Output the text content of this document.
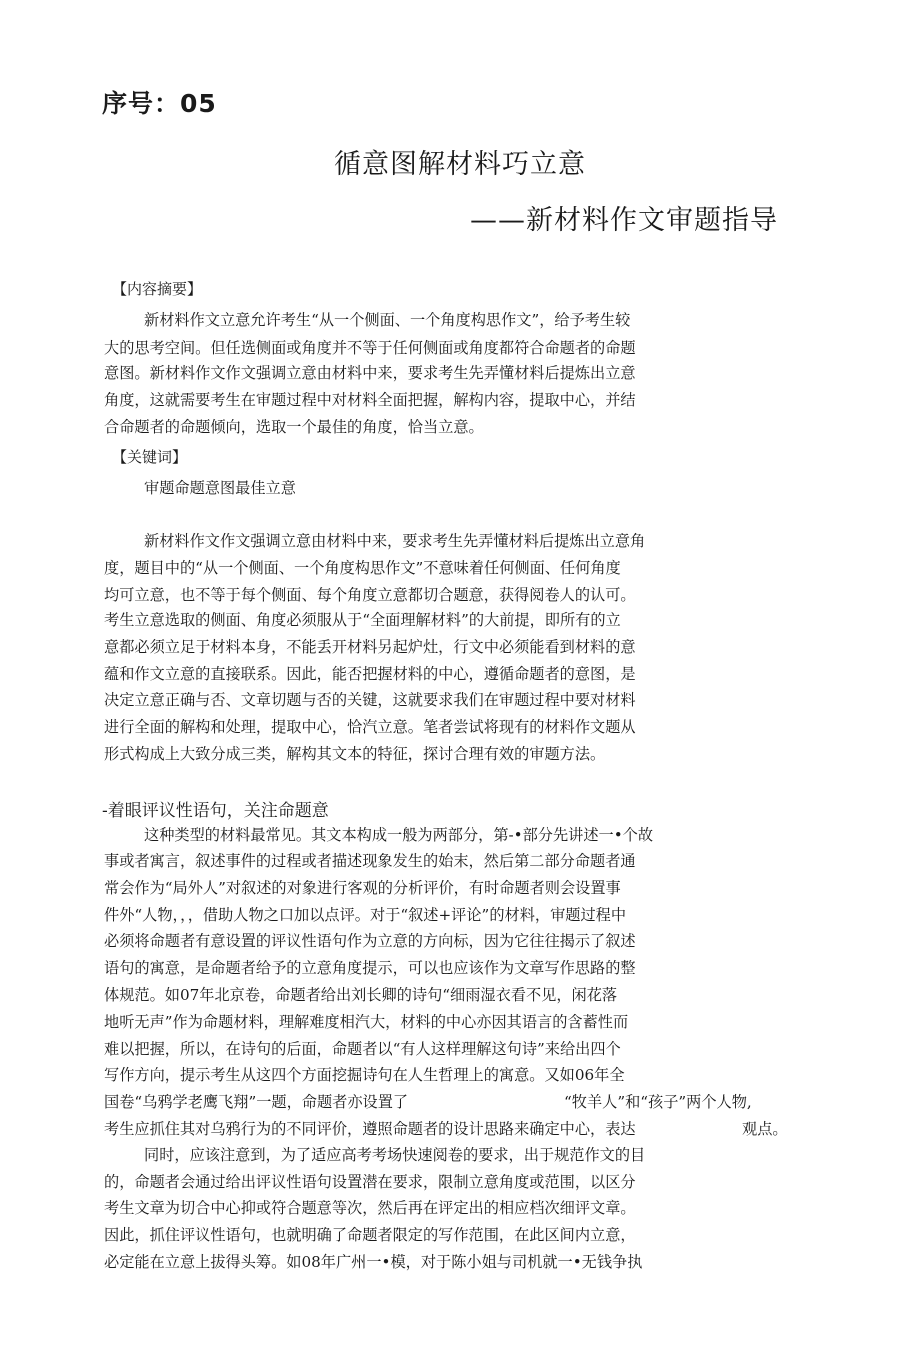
序号：05
循意图解材料巧立意
——新材料作文审题指导
【内容摘要】
新材料作文立意允许考生“从一个侧面、一个角度构思作文”，给予考生较
大的思考空间。但任选侧面或角度并不等于任何侧面或角度都符合命题者的命题
意图。新材料作文作文强调立意由材料中来，要求考生先弄懂材料后提炼出立意
角度，这就需要考生在审题过程中对材料全面把握，解构内容，提取中心，并结
合命题者的命题倾向，选取一个最佳的角度，恰当立意。
【关键词】
审题命题意图最佳立意
新材料作文作文强调立意由材料中来，要求考生先弄懂材料后提炼出立意角
度，题目中的“从一个侧面、一个角度构思作文”不意味着任何侧面、任何角度
均可立意，也不等于每个侧面、每个角度立意都切合题意，获得阅卷人的认可。
考生立意选取的侧面、角度必须服从于“全面理解材料”的大前提，即所有的立
意都必须立足于材料本身，不能丢开材料另起炉灶，行文中必须能看到材料的意
蕴和作文立意的直接联系。因此，能否把握材料的中心，遵循命题者的意图，是
决定立意正确与否、文章切题与否的关键，这就要求我们在审题过程中要对材料
进行全面的解构和处理，提取中心，恰汽立意。笔者尝试将现有的材料作文题从
形式构成上大致分成三类，解构其文本的特征，探讨合理有效的审题方法。
-着眼评议性语句，关注命题意
这种类型的材料最常见。其文本构成一般为两部分，第-•部分先讲述一•个故
事或者寓言，叙述事件的过程或者描述现象发生的始末，然后第二部分命题者通
常会作为“局外人”对叙述的对象进行客观的分析评价，有时命题者则会设置事
件外“人物，，，借助人物之口加以点评。对于“叙述+评论”的材料，审题过程中
必须将命题者有意设置的评议性语句作为立意的方向标，因为它往往揭示了叙述
语句的寓意，是命题者给予的立意角度提示，可以也应该作为文章写作思路的整
体规范。如07年北京卷，命题者给出刘长卿的诗句“细雨湿衣看不见，闲花落
地听无声”作为命题材料，理解难度相汽大，材料的中心亦因其语言的含蓄性而
难以把握，所以，在诗句的后面，命题者以“有人这样理解这句诗”来给出四个
写作方向，提示考生从这四个方面挖掘诗句在人生哲理上的寓意。又如06年全
国卷“乌鸦学老鹰飞翔”一题，命题者亦设置了	“牧羊人”和“孩子”两个人物,
考生应抓住其对乌鸦行为的不同评价，遵照命题者的设计思路来确定中心，表达	观点。
同时，应该注意到，为了适应高考考场快速阅卷的要求，出于规范作文的目
的，命题者会通过给出评议性语句设置潜在要求，限制立意角度或范围，以区分
考生文章为切合中心抑或符合题意等次，然后再在评定出的相应档次细评文章。
因此，抓住评议性语句，也就明确了命题者限定的写作范围，在此区间内立意，
必定能在立意上拔得头筹。如08年广州一•模，对于陈小姐与司机就一•无钱争执
